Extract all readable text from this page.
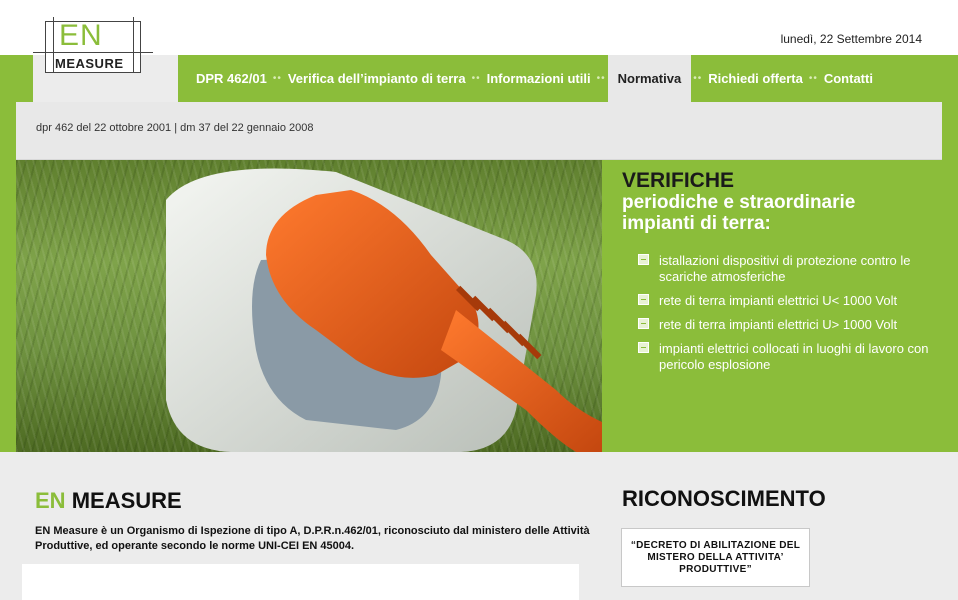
lunedì, 22 Settembre 2014
EN
MEASURE
DPR 462/01 •• Verifica dell’impianto di terra •• Informazioni utili •• Normativa	•• Richiedi offerta •• Contatti
dpr 462 del 22 ottobre 2001 | dm 37 del 22 gennaio 2008
VERIFICHE
periodiche e straordinarie
impianti di terra:
istallazioni dispositivi di protezione contro le scariche atmosferiche
rete di terra impianti elettrici U< 1000 Volt
rete di terra impianti elettrici U> 1000 Volt
impianti elettrici collocati in luoghi di lavoro con pericolo esplosione
EN MEASURE

EN Measure è un Organismo di Ispezione di tipo A, D.P.R.n.462/01, riconosciuto dal ministero delle Attività Produttive, ed operante secondo le norme UNI-CEI EN 45004.

RICONOSCIMENTO
“DECRETO DI ABILITAZIONE DEL MISTERO DELLA ATTIVITA’ PRODUTTIVE”
